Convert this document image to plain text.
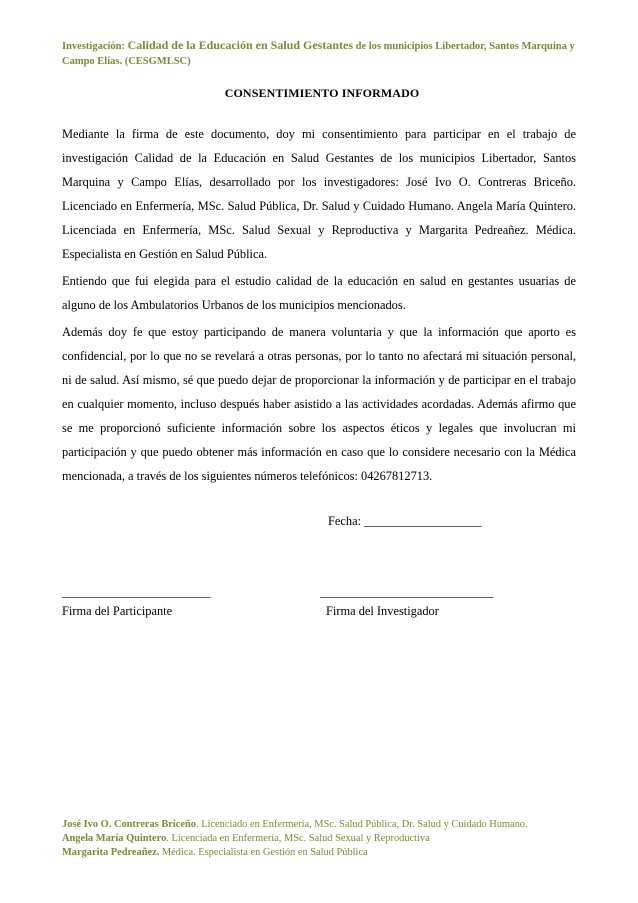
Investigación: Calidad de la Educación en Salud Gestantes de los municipios Libertador, Santos Marquina y Campo Elías. (CESGMLSC)
CONSENTIMIENTO INFORMADO

Mediante la firma de este documento, doy mi consentimiento para participar en el trabajo de investigación Calidad de la Educación en Salud Gestantes de los municipios Libertador, Santos Marquina y Campo Elías, desarrollado por los investigadores: José Ivo O. Contreras Briceño. Licenciado en Enfermería, MSc. Salud Pública, Dr. Salud y Cuidado Humano. Angela María Quintero. Licenciada en Enfermería, MSc. Salud Sexual y Reproductiva y Margarita Pedreañez. Médica. Especialista en Gestión en Salud Pública.

Entiendo que fui elegida para el estudio calidad de la educación en salud en gestantes usuarias de alguno de los Ambulatorios Urbanos de los municipios mencionados.

Además doy fe que estoy participando de manera voluntaria y que la información que aporto es confidencial, por lo que no se revelará a otras personas, por lo tanto no afectará mi situación personal, ni de salud. Así mismo, sé que puedo dejar de proporcionar la información y de participar en el trabajo en cualquier momento, incluso después haber asistido a las actividades acordadas. Además afirmo que se me proporcionó suficiente información sobre los aspectos éticos y legales que involucran mi participación y que puedo obtener más información en caso que lo considere necesario con la Médica mencionada, a través de los siguientes números telefónicos: 04267812713.

Fecha: ___________________
________________________
Firma del Participante
____________________________
Firma del Investigador
José Ivo O. Contreras Briceño. Licenciado en Enfermería, MSc. Salud Pública, Dr. Salud y Cuidado Humano.
Angela María Quintero. Licenciada en Enfermería, MSc. Salud Sexual y Reproductiva
Margarita Pedreañez. Médica. Especialista en Gestión en Salud Pública
